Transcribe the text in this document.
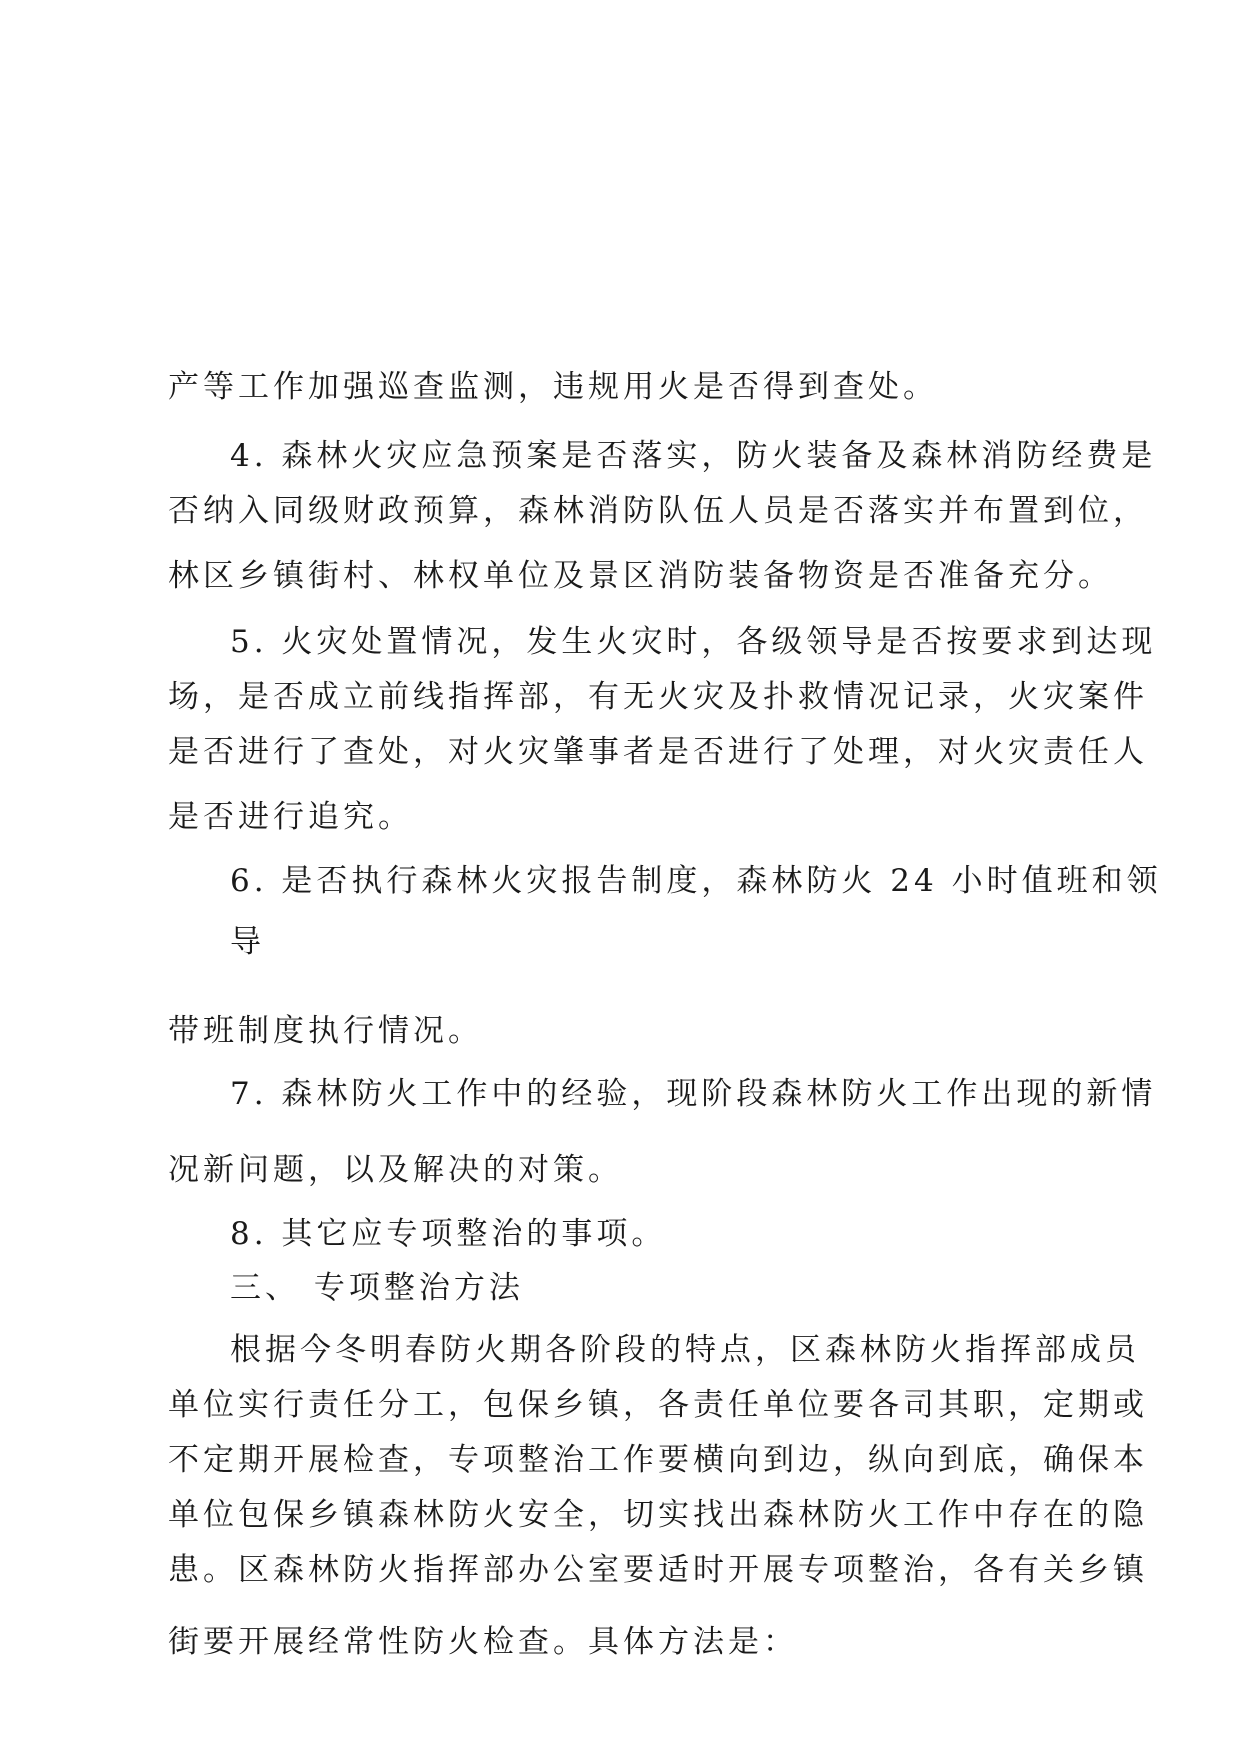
产等工作加强巡查监测，违规用火是否得到查处。
4. 森林火灾应急预案是否落实，防火装备及森林消防经费是
否纳入同级财政预算，森林消防队伍人员是否落实并布置到位，
林区乡镇街村、林权单位及景区消防装备物资是否准备充分。
5. 火灾处置情况，发生火灾时，各级领导是否按要求到达现
场，是否成立前线指挥部，有无火灾及扑救情况记录，火灾案件
是否进行了查处，对火灾肇事者是否进行了处理，对火灾责任人
是否进行追究。
6. 是否执行森林火灾报告制度，森林防火 24 小时值班和领
导
带班制度执行情况。
7. 森林防火工作中的经验，现阶段森林防火工作出现的新情
况新问题，以及解决的对策。
8. 其它应专项整治的事项。
三、 专项整治方法
根据今冬明春防火期各阶段的特点，区森林防火指挥部成员
单位实行责任分工，包保乡镇，各责任单位要各司其职，定期或
不定期开展检查，专项整治工作要横向到边，纵向到底，确保本
单位包保乡镇森林防火安全，切实找出森林防火工作中存在的隐
患。区森林防火指挥部办公室要适时开展专项整治，各有关乡镇
街要开展经常性防火检查。具体方法是：
